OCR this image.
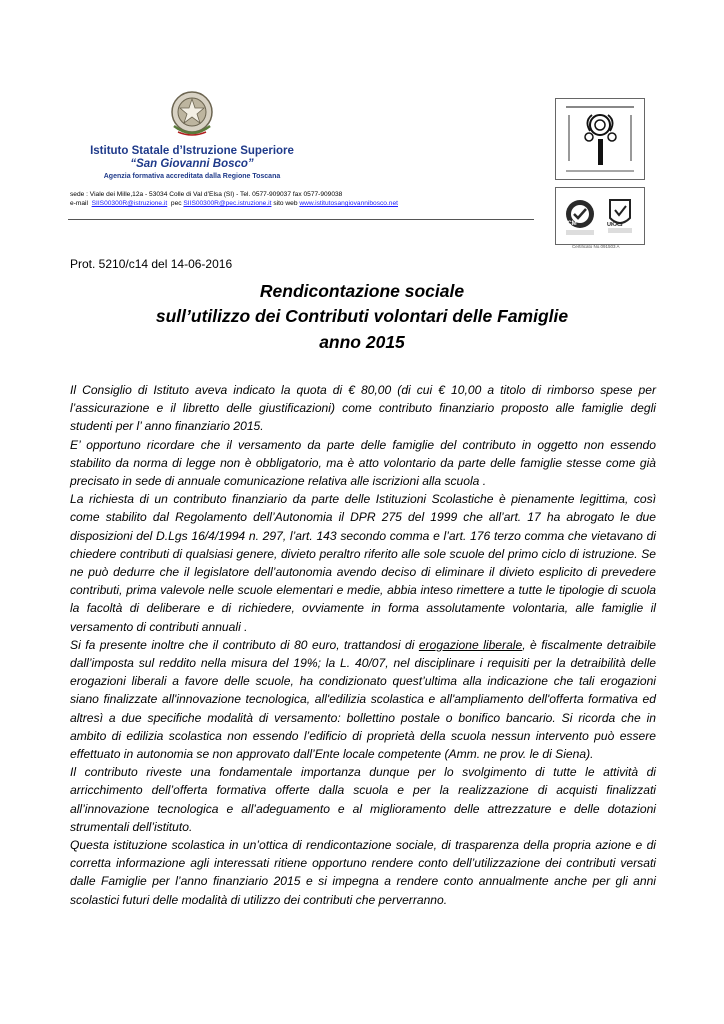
Istituto Statale d’Istruzione Superiore
“San Giovanni Bosco”
Agenzia formativa accreditata dalla Regione Toscana
sede : Viale dei Mille,12a - 53034 Colle di Val d’Elsa (SI) - Tel. 0577-909037 fax 0577-909038
e-mail SIIS00300R@istruzione.it pec SIIS00300R@pec.istruzione.it sito web www.istitutosangiovannibosco.net
ACM	UKAS
Certificato No.091503 A
Prot. 5210/c14 del 14-06-2016
Rendicontazione sociale
sull’utilizzo dei Contributi volontari delle Famiglie
anno 2015

Il Consiglio di Istituto aveva indicato la quota di € 80,00 (di cui € 10,00 a titolo di rimborso spese per l’assicurazione e il libretto delle giustificazioni) come contributo finanziario proposto alle famiglie degli studenti per l’ anno finanziario 2015.

E’ opportuno ricordare che il versamento da parte delle famiglie del contributo in oggetto non essendo stabilito da norma di legge non è obbligatorio, ma è atto volontario da parte delle famiglie stesse come già precisato in sede di annuale comunicazione relativa alle iscrizioni alla scuola .

La richiesta di un contributo finanziario da parte delle Istituzioni Scolastiche è pienamente legittima, così come stabilito dal Regolamento dell’Autonomia il DPR 275 del 1999 che all’art. 17 ha abrogato le due disposizioni del D.Lgs 16/4/1994 n. 297, l’art. 143 secondo comma e l’art. 176 terzo comma che vietavano di chiedere contributi di qualsiasi genere, divieto peraltro riferito alle sole scuole del primo ciclo di istruzione. Se ne può dedurre che il legislatore dell’autonomia avendo deciso di eliminare il divieto esplicito di prevedere contributi, prima valevole nelle scuole elementari e medie, abbia inteso rimettere a tutte le tipologie di scuola la facoltà di deliberare e di richiedere, ovviamente in forma assolutamente volontaria, alle famiglie il versamento di contributi annuali .

Si fa presente inoltre che il contributo di 80 euro, trattandosi di erogazione liberale, è fiscalmente detraibile dall’imposta sul reddito nella misura del 19%; la L. 40/07, nel disciplinare i requisiti per la detraibilità delle erogazioni liberali a favore delle scuole, ha condizionato quest’ultima alla indicazione che tali erogazioni siano finalizzate all'innovazione tecnologica, all'edilizia scolastica e all'ampliamento dell'offerta formativa ed altresì a due specifiche modalità di versamento: bollettino postale o bonifico bancario. Si ricorda che in ambito di edilizia scolastica non essendo l’edificio di proprietà della scuola nessun intervento può essere effettuato in autonomia se non approvato dall’Ente locale competente (Amm. ne prov. le di Siena).

Il contributo riveste una fondamentale importanza dunque per lo svolgimento di tutte le attività di arricchimento dell’offerta formativa offerte dalla scuola e per la realizzazione di acquisti finalizzati all’innovazione tecnologica e all’adeguamento e al miglioramento delle attrezzature e delle dotazioni strumentali dell’istituto.

Questa istituzione scolastica in un’ottica di rendicontazione sociale, di trasparenza della propria azione e di corretta informazione agli interessati ritiene opportuno rendere conto dell’utilizzazione dei contributi versati dalle Famiglie per l’anno finanziario 2015 e si impegna a rendere conto annualmente anche per gli anni scolastici futuri delle modalità di utilizzo dei contributi che perverranno.
